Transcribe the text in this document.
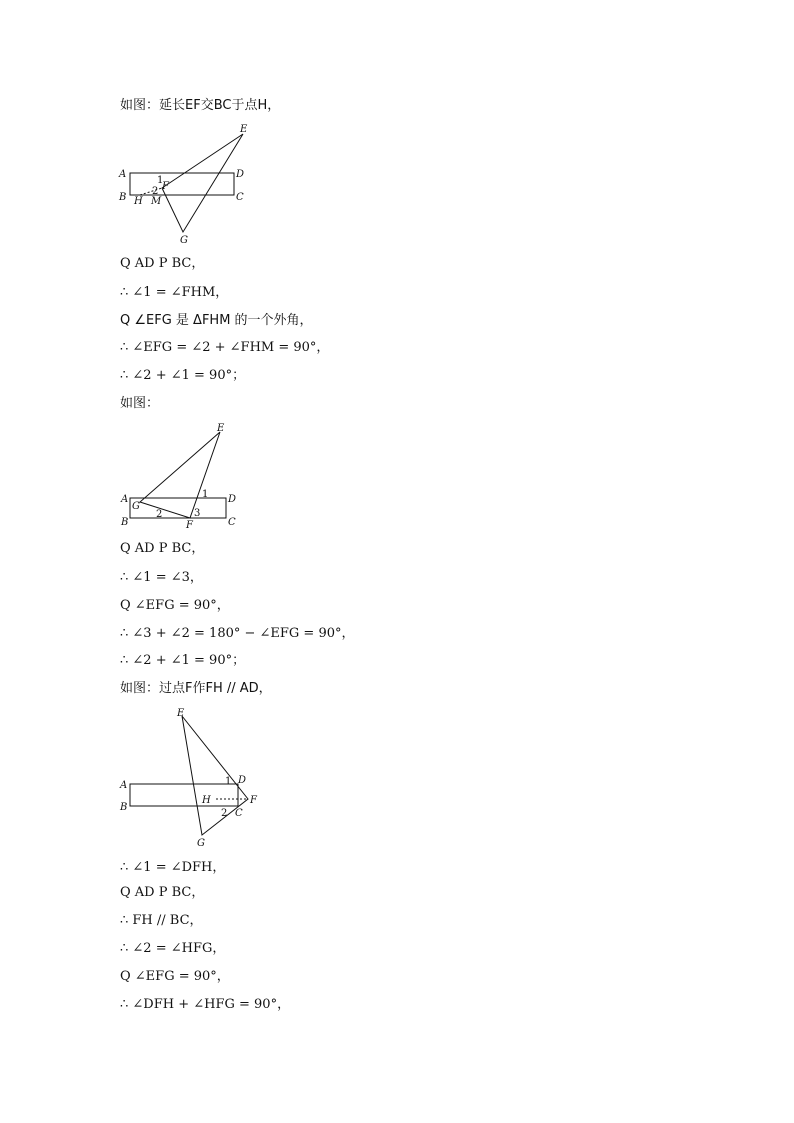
如图：延长EF交BC于点H，

Q AD P BC，

∴ ∠1 = ∠FHM，

Q ∠EFG 是 ΔFHM 的一个外角，

∴ ∠EFG = ∠2 + ∠FHM = 90°，

∴ ∠2 + ∠1 = 90°；

如图：

Q AD P BC，

∴ ∠1 = ∠3，

Q ∠EFG = 90°，

∴ ∠3 + ∠2 = 180° − ∠EFG = 90°，

∴ ∠2 + ∠1 = 90°；

如图：过点F作FH // AD，

∴ ∠1 = ∠DFH，

Q AD P BC，

∴ FH // BC，

∴ ∠2 = ∠HFG，

Q ∠EFG = 90°，

∴ ∠DFH + ∠HFG = 90°，

A
B	C
D
E
F
G
H M
1
2
A
B	C
D
E
F
G
1
2	3
A
B
C
D
E
F
G
H
1
2
